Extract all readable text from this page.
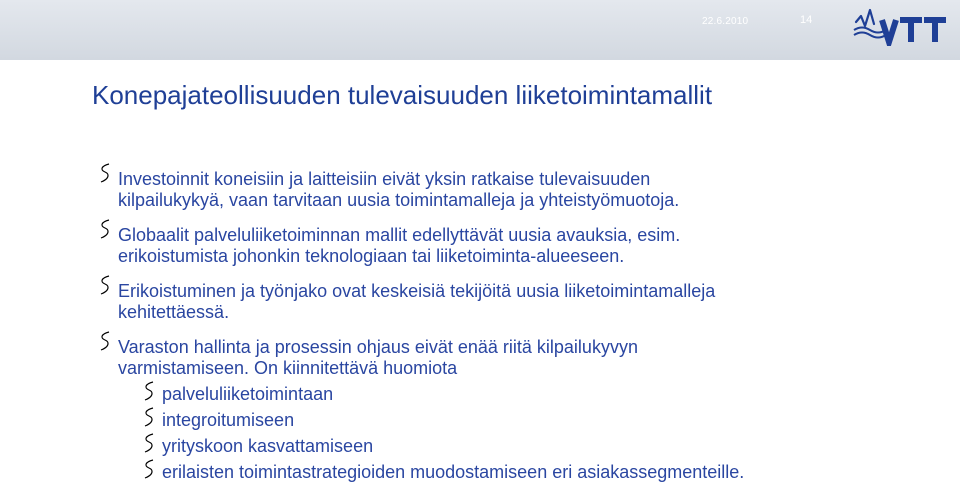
22.6.2010	14
Konepajateollisuuden tulevaisuuden liiketoimintamallit
Investoinnit koneisiin ja laitteisiin eivät yksin ratkaise tulevaisuuden
kilpailukykyä, vaan tarvitaan uusia toimintamalleja ja yhteistyömuotoja.
Globaalit palveluliiketoiminnan mallit edellyttävät uusia avauksia, esim.
erikoistumista johonkin teknologiaan tai liiketoiminta-alueeseen.
Erikoistuminen ja työnjako ovat keskeisiä tekijöitä uusia liiketoimintamalleja
kehitettäessä.
Varaston hallinta ja prosessin ohjaus eivät enää riitä kilpailukyvyn
varmistamiseen. On kiinnitettävä huomiota
palveluliiketoimintaan
integroitumiseen
yrityskoon kasvattamiseen
erilaisten toimintastrategioiden muodostamiseen eri asiakassegmenteille.
